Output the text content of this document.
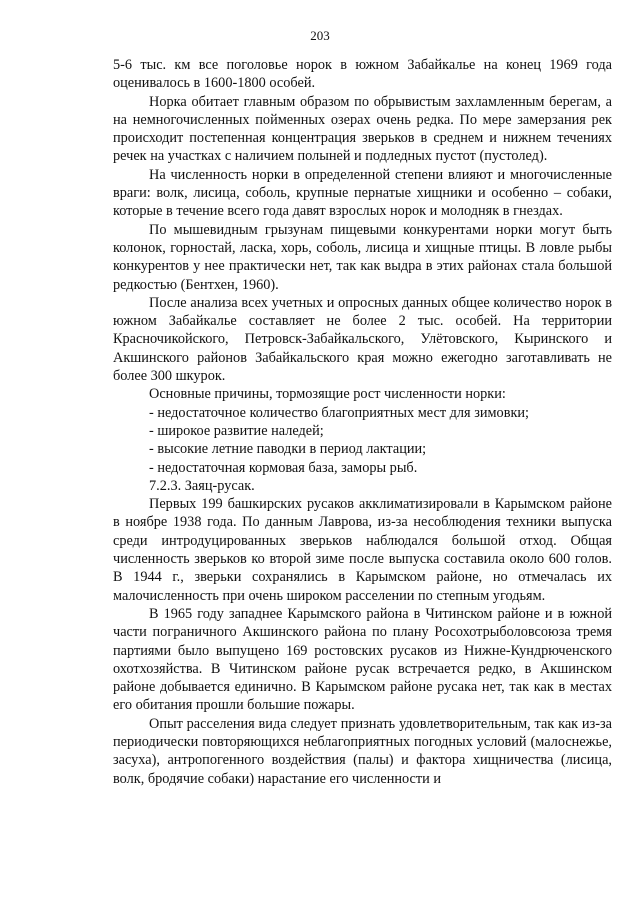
203

5-6 тыс. км все поголовье норок в южном Забайкалье на конец 1969 года оценивалось в 1600-1800 особей.

Норка обитает главным образом по обрывистым захламленным берегам, а на немногочисленных пойменных озерах очень редка. По мере замерзания рек происходит постепенная концентрация зверьков в среднем и нижнем течениях речек на участках с наличием полыней и подледных пустот (пустолед).

На численность норки в определенной степени влияют и многочисленные враги: волк, лисица, соболь, крупные пернатые хищники и особенно – собаки, которые в течение всего года давят взрослых норок и молодняк в гнездах.

По мышевидным грызунам пищевыми конкурентами норки могут быть колонок, горностай, ласка, хорь, соболь, лисица и хищные птицы. В ловле рыбы конкурентов у нее практически нет, так как выдра в этих районах стала большой редкостью (Бентхен, 1960).

После анализа всех учетных и опросных данных общее количество норок в южном Забайкалье составляет не более 2 тыс. особей. На территории Красночикойского, Петровск-Забайкальского, Улётовского, Кыринского и Акшинского районов Забайкальского края можно ежегодно заготавливать не более 300 шкурок.

Основные причины, тормозящие рост численности норки:

- недостаточное количество благоприятных мест для зимовки;

- широкое развитие наледей;

- высокие летние паводки в период лактации;

- недостаточная кормовая база, заморы рыб.

7.2.3. Заяц-русак.

Первых 199 башкирских русаков акклиматизировали в Карымском районе в ноябре 1938 года. По данным Лаврова, из-за несоблюдения техники выпуска среди интродуцированных зверьков наблюдался большой отход. Общая численность зверьков ко второй зиме после выпуска составила около 600 голов. В 1944 г., зверьки сохранялись в Карымском районе, но отмечалась их малочисленность при очень широком расселении по степным угодьям.

В 1965 году западнее Карымского района в Читинском районе и в южной части пограничного Акшинского района по плану Росохотрыболовсоюза тремя партиями было выпущено 169 ростовских русаков из Нижне-Кундрюченского охотхозяйства. В Читинском районе русак встречается редко, в Акшинском районе добывается единично. В Карымском районе русака нет, так как в местах его обитания прошли большие пожары.

Опыт расселения вида следует признать удовлетворительным, так как из-за периодически повторяющихся неблагоприятных погодных условий (малоснежье, засуха), антропогенного воздействия (палы) и фактора хищничества (лисица, волк, бродячие собаки) нарастание его численности и
